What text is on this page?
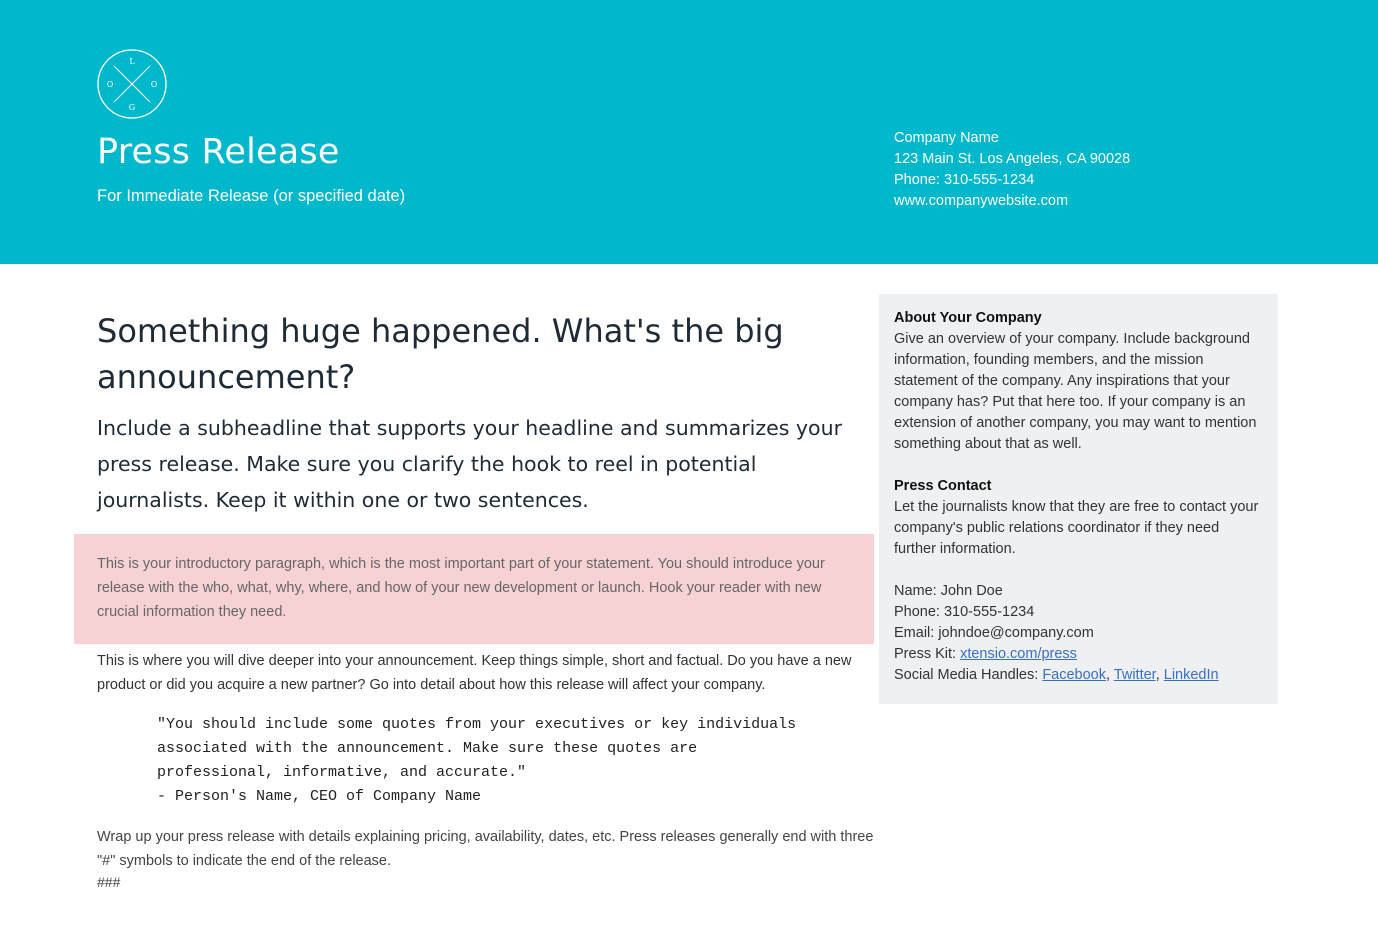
L
O
G
O
Press Release
For Immediate Release (or specified date)
Company Name
123 Main St. Los Angeles, CA 90028
Phone: 310-555-1234
www.companywebsite.com
Something huge happened. What's the big announcement?

Include a subheadline that supports your headline and summarizes your press release. Make sure you clarify the hook to reel in potential journalists. Keep it within one or two sentences.

This is your introductory paragraph, which is the most important part of your statement. You should introduce your release with the who, what, why, where, and how of your new development or launch. Hook your reader with new crucial information they need.

This is where you will dive deeper into your announcement. Keep things simple, short and factual. Do you have a new product or did you acquire a new partner? Go into detail about how this release will affect your company.

"You should include some quotes from your executives or key individuals
associated with the announcement. Make sure these quotes are
professional, informative, and accurate."
- Person's Name, CEO of Company Name

Wrap up your press release with details explaining pricing, availability, dates, etc. Press releases generally end with three "#" symbols to indicate the end of the release.

###
About Your Company
Give an overview of your company. Include background information, founding members, and the mission statement of the company. Any inspirations that your company has? Put that here too. If your company is an extension of another company, you may want to mention something about that as well.
Press Contact
Let the journalists know that they are free to contact your company's public relations coordinator if they need further information.
Name: John Doe
Phone: 310-555-1234
Email: johndoe@company.com
Press Kit: xtensio.com/press
Social Media Handles: Facebook, Twitter, LinkedIn
